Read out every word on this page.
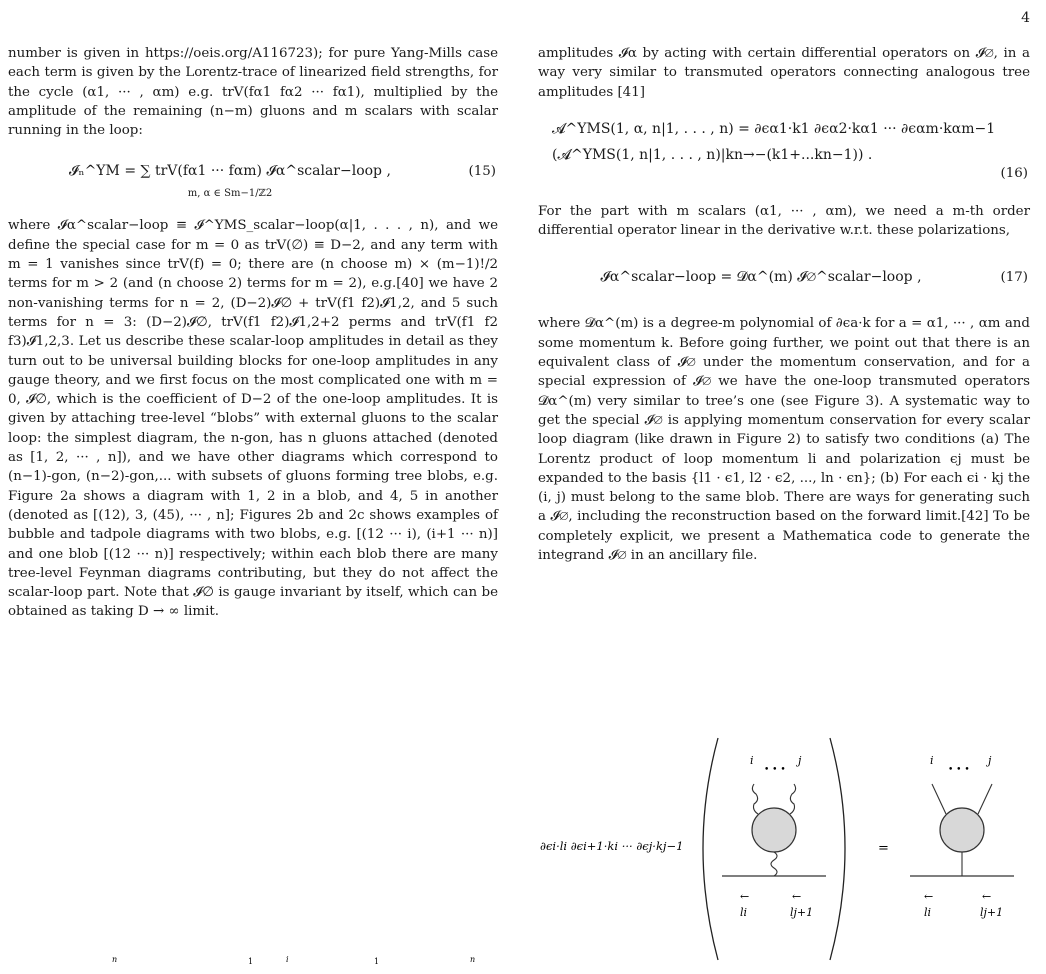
4

number is given in https://oeis.org/A116723); for pure Yang-Mills case each term is given by the Lorentz-trace of linearized field strengths, for the cycle (α1, ··· , αm) e.g. trV(fα1 fα2 ··· fα1), multiplied by the amplitude of the remaining (n−m) gluons and m scalars with scalar running in the loop:

𝓘ₙ^YM = ∑ trV(fα1 ··· fαm) 𝓘α^scalar−loop ,
m, α ∈ Sm−1/ℤ2
(15)

where 𝓘α^scalar−loop ≡ 𝓘^YMS_scalar−loop(α|1, . . . , n), and we define the special case for m = 0 as trV(∅) ≡ D−2, and any term with m = 1 vanishes since trV(f) = 0; there are (n choose m) × (m−1)!/2 terms for m > 2 (and (n choose 2) terms for m = 2), e.g.[40] we have 2 non-vanishing terms for n = 2, (D−2)𝓘∅ + trV(f1 f2)𝓘1,2, and 5 such terms for n = 3: (D−2)𝓘∅, trV(f1 f2)𝓘1,2+2 perms and trV(f1 f2 f3)𝓘1,2,3. Let us describe these scalar-loop amplitudes in detail as they turn out to be universal building blocks for one-loop amplitudes in any gauge theory, and we first focus on the most complicated one with m = 0, 𝓘∅, which is the coefficient of D−2 of the one-loop amplitudes. It is given by attaching tree-level “blobs” with external gluons to the scalar loop: the simplest diagram, the n-gon, has n gluons attached (denoted as [1, 2, ··· , n]), and we have other diagrams which correspond to (n−1)-gon, (n−2)-gon,... with subsets of gluons forming tree blobs, e.g. Figure 2a shows a diagram with 1, 2 in a blob, and 4, 5 in another (denoted as [(12), 3, (45), ··· , n]; Figures 2b and 2c shows examples of bubble and tadpole diagrams with two blobs, e.g. [(12 ··· i), (i+1 ··· n)] and one blob [(12 ··· n)] respectively; within each blob there are many tree-level Feynman diagrams contributing, but they do not affect the scalar-loop part. Note that 𝓘∅ is gauge invariant by itself, which can be obtained as taking D → ∞ limit.

amplitudes 𝓘α by acting with certain differential operators on 𝓘∅, in a way very similar to transmuted operators connecting analogous tree amplitudes [41]

𝓐^YMS(1, α, n|1, . . . , n) = ∂ϵα1·k1 ∂ϵα2·kα1 ··· ∂ϵαm·kαm−1
(𝓐^YMS(1, n|1, . . . , n)|kn→−(k1+...kn−1)) .
(16)

For the part with m scalars (α1, ··· , αm), we need a m-th order differential operator linear in the derivative w.r.t. these polarizations,

𝓘α^scalar−loop = 𝓓α^(m) 𝓘∅^scalar−loop ,	(17)

where 𝓓α^(m) is a degree-m polynomial of ∂ϵa·k for a = α1, ··· , αm and some momentum k. Before going further, we point out that there is an equivalent class of 𝓘∅ under the momentum conservation, and for a special expression of 𝓘∅ we have the one-loop transmuted operators 𝓓α^(m) very similar to tree’s one (see Figure 3). A systematic way to get the special 𝓘∅ is applying momentum conservation for every scalar loop diagram (like drawn in Figure 2) to satisfy two conditions (a) The Lorentz product of loop momentum li and polarization ϵj must be expanded to the basis {l1 · ϵ1, l2 · ϵ2, ..., ln · ϵn}; (b) For each ϵi · kj the (i, j) must belong to the same blob. There are ways for generating such a 𝓘∅, including the reconstruction based on the forward limit.[42] To be completely explicit, we present a Mathematica code to generate the integrand 𝓘∅ in an ancillary file.

∂ϵi·li ∂ϵi+1·ki ··· ∂ϵj·kj−1
i	j
• • •
←
li
←
lj+1
=
i	j
• • •
←
li
←
lj+1
n	1	i	1	n
